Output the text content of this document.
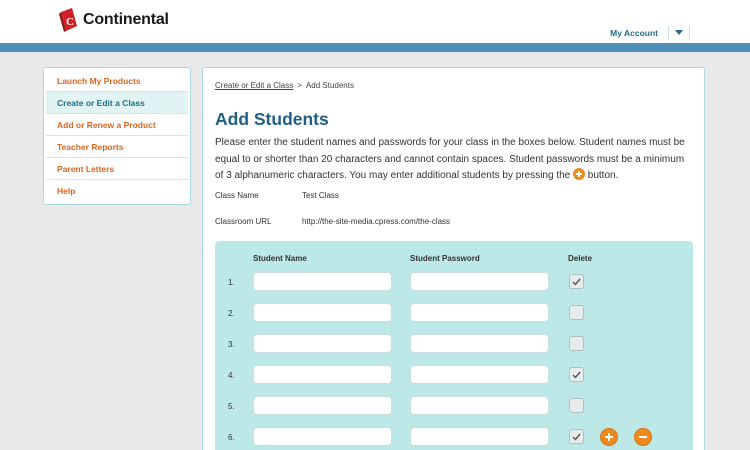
C Continental
My Account
Launch My Products
Create or Edit a Class
Add or Renew a Product
Teacher Reports
Parent Letters
Help
Create or Edit a Class > Add Students
Add Students
Please enter the student names and passwords for your class in the boxes below. Student names must be equal to or shorter than 20 characters and cannot contain spaces. Student passwords must be a minimum of 3 alphanumeric characters. You may enter additional students by pressing the button.
Class Name	Test Class
Classroom URL	http://the-site-media.cpress.com/the-class
Student Name	Student Password	Delete
1.
2.
3.
4.
5.
6.
